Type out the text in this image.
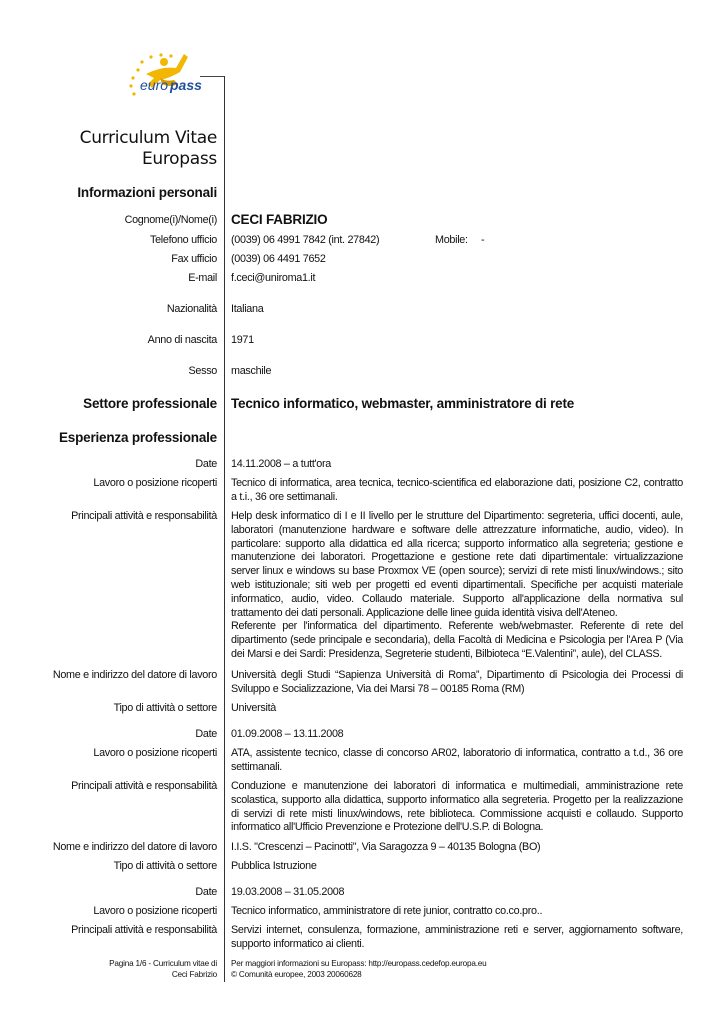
euro pass
Curriculum Vitae
Europass
Informazioni personali
Cognome(i)/Nome(i) CECI FABRIZIO
Telefono ufficio (0039) 06 4991 7842 (int. 27842)	Mobile: -
Fax ufficio (0039) 06 4491 7652
E-mail f.ceci@uniroma1.it
Nazionalità Italiana
Anno di nascita 1971
Sesso maschile
Settore professionale Tecnico informatico, webmaster, amministratore di rete
Esperienza professionale
Date 14.11.2008 – a tutt'ora
Lavoro o posizione ricoperti Tecnico di informatica, area tecnica, tecnico-scientifica ed elaborazione dati, posizione C2, contratto a t.i., 36 ore settimanali.
Principali attività e responsabilità Help desk informatico di I e II livello per le strutture del Dipartimento: segreteria, uffici docenti, aule, laboratori (manutenzione hardware e software delle attrezzature informatiche, audio, video). In particolare: supporto alla didattica ed alla ricerca; supporto informatico alla segreteria; gestione e manutenzione dei laboratori. Progettazione e gestione rete dati dipartimentale: virtualizzazione server linux e windows su base Proxmox VE (open source); servizi di rete misti linux/windows.; sito web istituzionale; siti web per progetti ed eventi dipartimentali. Specifiche per acquisti materiale informatico, audio, video. Collaudo materiale. Supporto all'applicazione della normativa sul trattamento dei dati personali. Applicazione delle linee guida identità visiva dell'Ateneo.
Referente per l'informatica del dipartimento. Referente web/webmaster. Referente di rete del dipartimento (sede principale e secondaria), della Facoltà di Medicina e Psicologia per l'Area P (Via dei Marsi e dei Sardi: Presidenza, Segreterie studenti, Bilbioteca “E.Valentini”, aule), del CLASS.
Nome e indirizzo del datore di lavoro Università degli Studi “Sapienza Università di Roma”, Dipartimento di Psicologia dei Processi di Sviluppo e Socializzazione, Via dei Marsi 78 – 00185 Roma (RM)
Tipo di attività o settore Università
Date 01.09.2008 – 13.11.2008
Lavoro o posizione ricoperti ATA, assistente tecnico, classe di concorso AR02, laboratorio di informatica, contratto a t.d., 36 ore settimanali.
Principali attività e responsabilità Conduzione e manutenzione dei laboratori di informatica e multimediali, amministrazione rete scolastica, supporto alla didattica, supporto informatico alla segreteria. Progetto per la realizzazione di servizi di rete misti linux/windows, rete biblioteca. Commissione acquisti e collaudo. Supporto informatico all'Ufficio Prevenzione e Protezione dell'U.S.P. di Bologna.
Nome e indirizzo del datore di lavoro I.I.S. "Crescenzi – Pacinotti", Via Saragozza 9 – 40135 Bologna (BO)
Tipo di attività o settore Pubblica Istruzione
Date 19.03.2008 – 31.05.2008
Lavoro o posizione ricoperti Tecnico informatico, amministratore di rete junior, contratto co.co.pro..
Principali attività e responsabilità Servizi internet, consulenza, formazione, amministrazione reti e server, aggiornamento software, supporto informatico ai clienti.
Pagina 1/6 - Curriculum vitae di
Ceci Fabrizio
Per maggiori informazioni su Europass: http://europass.cedefop.europa.eu
© Comunità europee, 2003 20060628
